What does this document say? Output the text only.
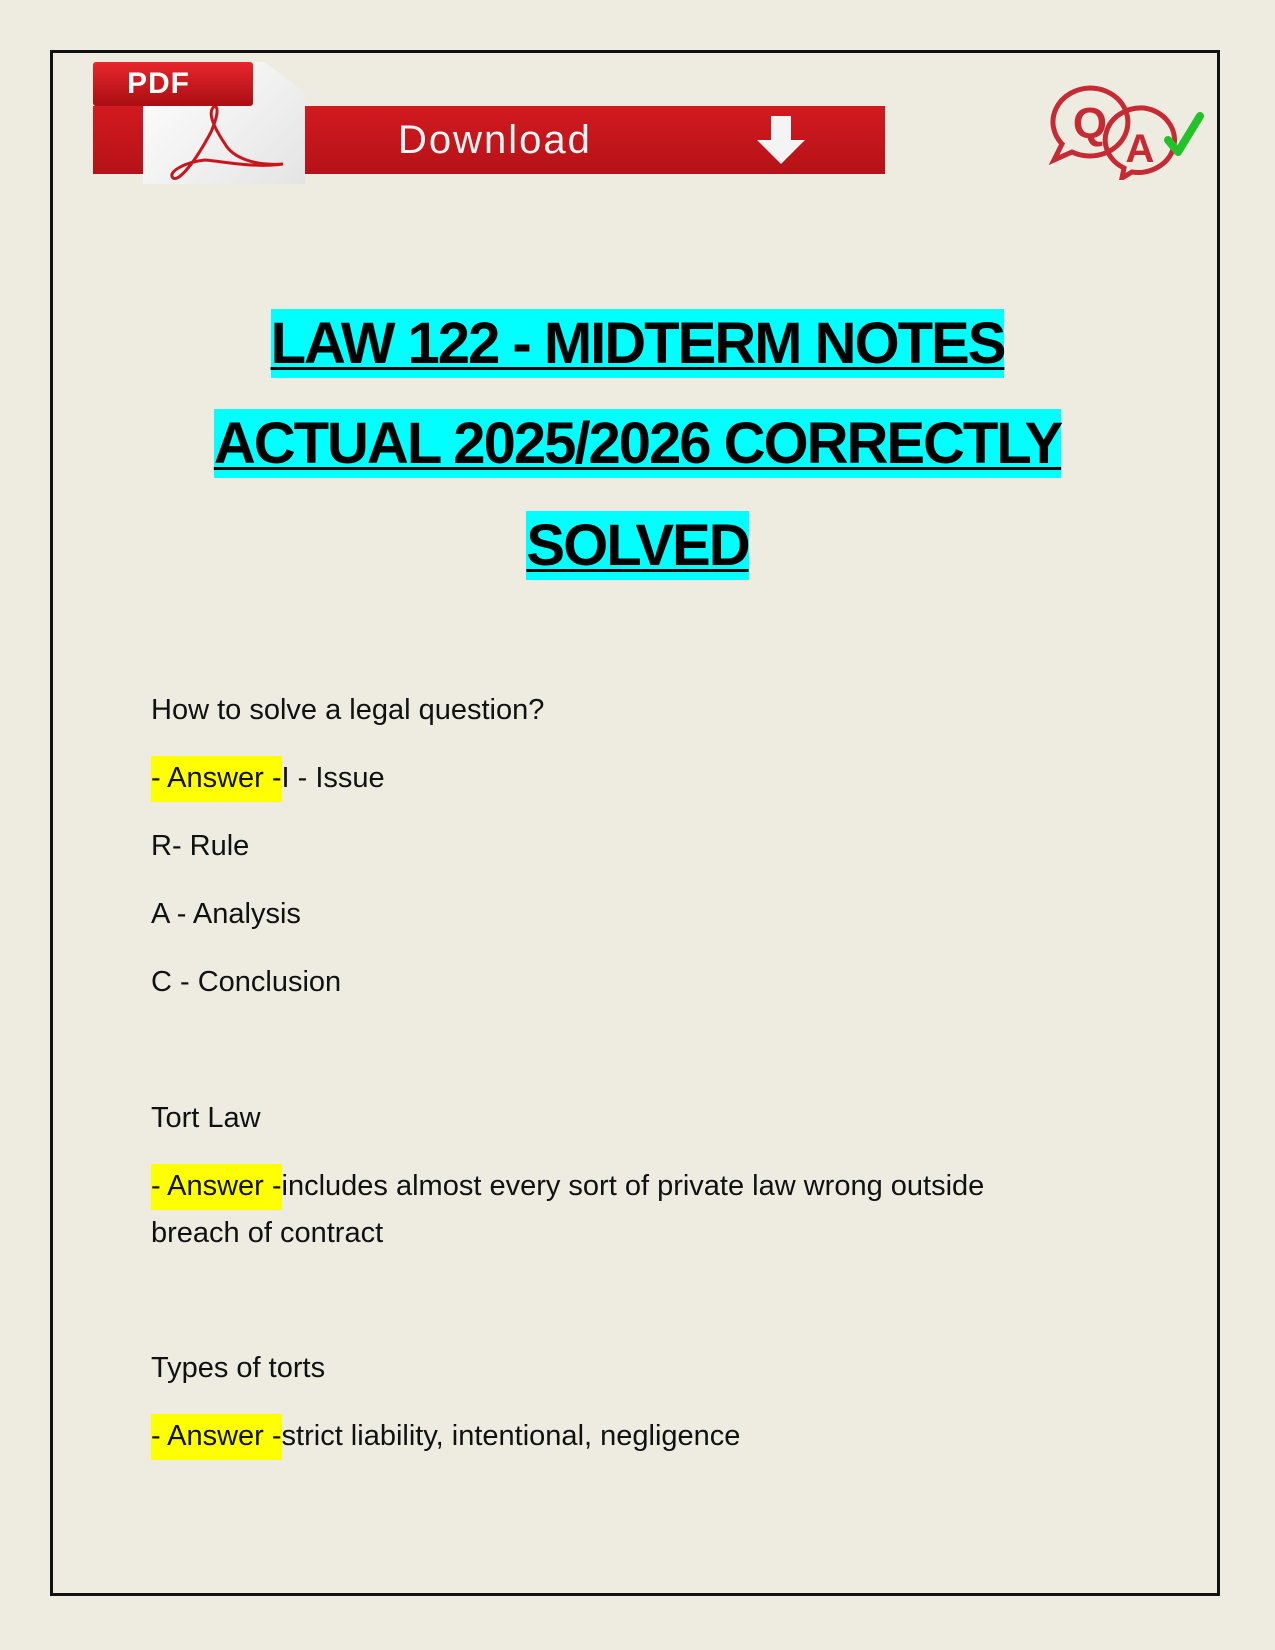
PDF
Download	Q
A
LAW 122 - MIDTERM NOTES
ACTUAL 2025/2026 CORRECTLY
SOLVED
How to solve a legal question?
- Answer -I - Issue
R- Rule
A - Analysis
C - Conclusion
Tort Law
- Answer -includes almost every sort of private law wrong outside
breach of contract
Types of torts
- Answer -strict liability, intentional, negligence
